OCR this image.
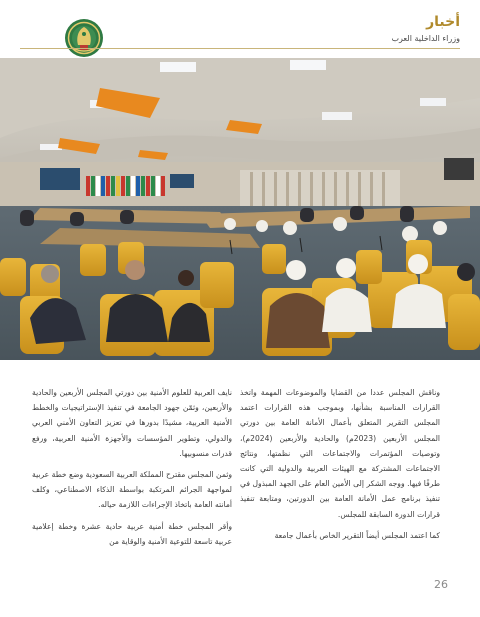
أخبار
وزراء الداخلية العرب

وناقش المجلس عددا من القضايا والموضوعات المهمة واتخذ القرارات المناسبة بشأنها، وبموجب هذه القرارات اعتمد المجلس التقرير المتعلق بأعمال الأمانة العامة بين دورتي المجلس الأربعين (2023م) والحادية والأربعين (2024م)، وتوصيات المؤتمرات والاجتماعات التي نظمتها، ونتائج الاجتماعات المشتركة مع الهيئات العربية والدولية التي كانت طرفًا فيها. ووجه الشكر إلى الأمين العام على الجهد المبذول في تنفيذ برنامج عمل الأمانة العامة بين الدورتين، ومتابعة تنفيذ قرارات الدورة السابقة للمجلس.

كما اعتمد المجلس أيضاً التقرير الخاص بأعمال جامعة

نايف العربية للعلوم الأمنية بين دورتي المجلس الأربعين والحادية والأربعين، وثمّن جهود الجامعة في تنفيذ الإستراتيجيات والخطط الأمنية العربية، مشيدًا بدورها في تعزيز التعاون الأمني العربي والدولي، وتطوير المؤسسات والأجهزة الأمنية العربية، ورفع قدرات منسوبيها.

وثمن المجلس مقترح المملكة العربية السعودية وضع خطة عربية لمواجهة الجرائم المرتكبة بواسطة الذكاء الاصطناعي، وكلف أمانته العامة باتخاذ الإجراءات اللازمة حياله.

وأقر المجلس خطة أمنية عربية حادية عشرة وخطة إعلامية عربية تاسعة للتوعية الأمنية والوقاية من

26
